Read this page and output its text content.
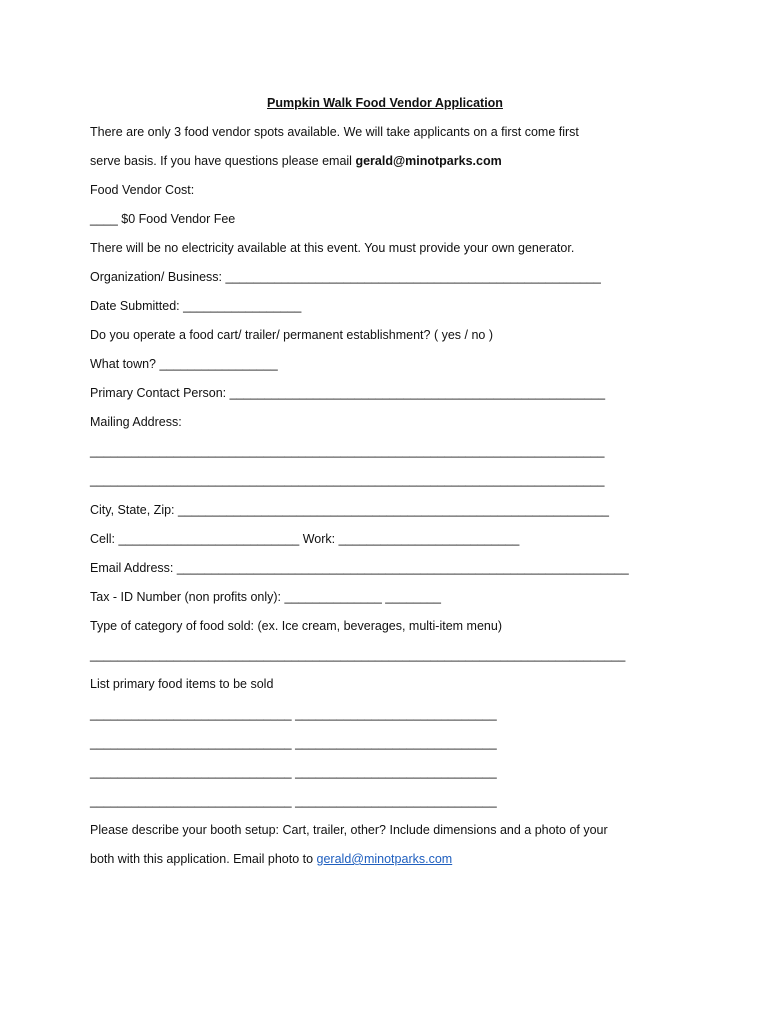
Pumpkin Walk Food Vendor Application
There are only 3 food vendor spots available. We will take applicants on a first come first
serve basis. If you have questions please email gerald@minotparks.com
Food Vendor Cost:
____ $0 Food Vendor Fee
There will be no electricity available at this event. You must provide your own generator.
Organization/ Business: ______________________________________________________
Date Submitted: _________________
Do you operate a food cart/ trailer/ permanent establishment? ( yes / no )
What town? _________________
Primary Contact Person: ______________________________________________________
Mailing Address:
__________________________________________________________________________
__________________________________________________________________________
City, State, Zip: ______________________________________________________________
Cell: __________________________ Work: __________________________
Email Address: _________________________________________________________________
Tax - ID Number (non profits only): ______________ ________
Type of category of food sold: (ex. Ice cream, beverages, multi-item menu)
_____________________________________________________________________________
List primary food items to be sold
_____________________________ _____________________________
_____________________________ _____________________________
_____________________________ _____________________________
_____________________________ _____________________________
Please describe your booth setup: Cart, trailer, other? Include dimensions and a photo of your
both with this application. Email photo to gerald@minotparks.com
